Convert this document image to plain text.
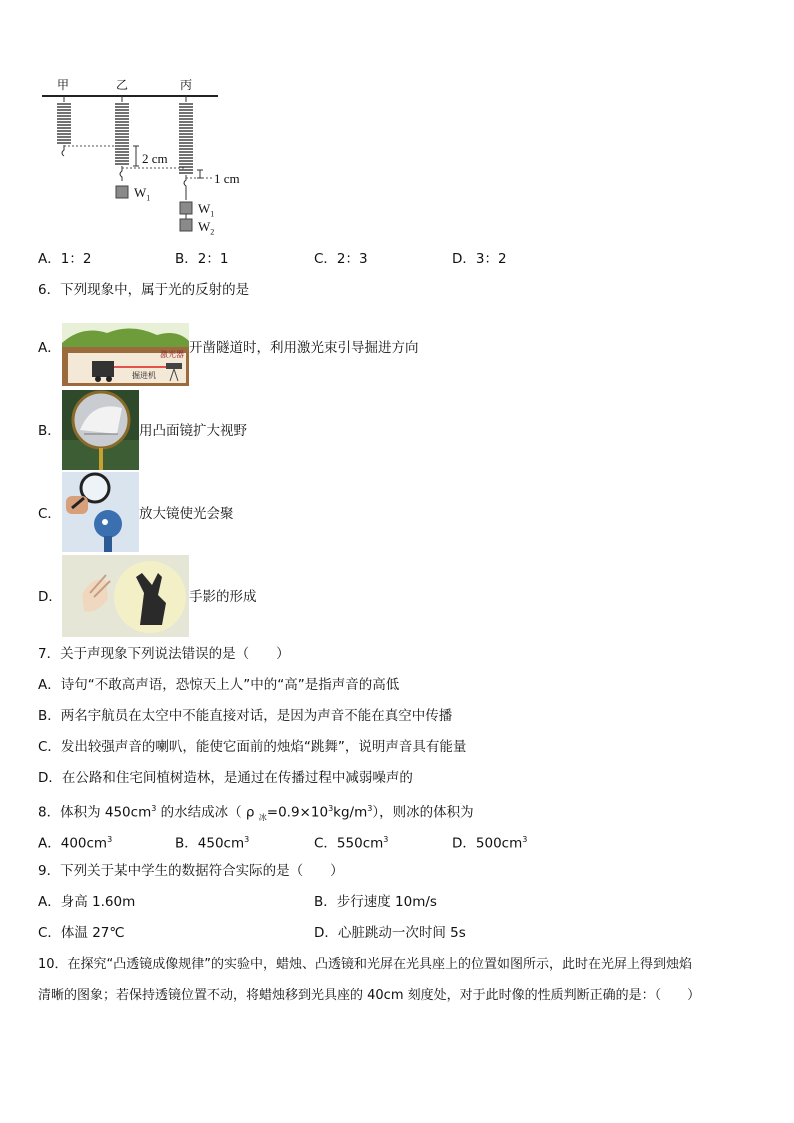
甲	乙	丙
2 cm
1 cm
$W_1$
$W_1$
$W_2$
A．1：2	B．2：1	C．2：3	D．3：2
6．下列现象中，属于光的反射的是
A．	激光器
掘进机
开凿隧道时，利用激光束引导掘进方向
B．	用凸面镜扩大视野
C．	放大镜使光会聚
D．	手影的形成
7．关于声现象下列说法错误的是（　　）
A．诗句“不敢高声语，恐惊天上人”中的“高”是指声音的高低
B．两名宇航员在太空中不能直接对话，是因为声音不能在真空中传播
C．发出较强声音的喇叭，能使它面前的烛焰“跳舞”，说明声音具有能量
D．在公路和住宅间植树造林，是通过在传播过程中减弱噪声的
8．体积为 $450cm^3$ 的水结成冰（ ρ $_冰=0.9\times 10^3kg/m^3$），则冰的体积为
A．$400cm^3$	B．$450cm^3$	C．$550cm^3$	D．$500cm^3$
9．下列关于某中学生的数据符合实际的是（　　）
A．身高 1.60m	B．步行速度 10m/s
C．体温 27℃	D．心脏跳动一次时间 5s
10．在探究“凸透镜成像规律”的实验中，蜡烛、凸透镜和光屏在光具座上的位置如图所示，此时在光屏上得到烛焰
清晰的图象；若保持透镜位置不动，将蜡烛移到光具座的 40cm 刻度处，对于此时像的性质判断正确的是：（　　）
